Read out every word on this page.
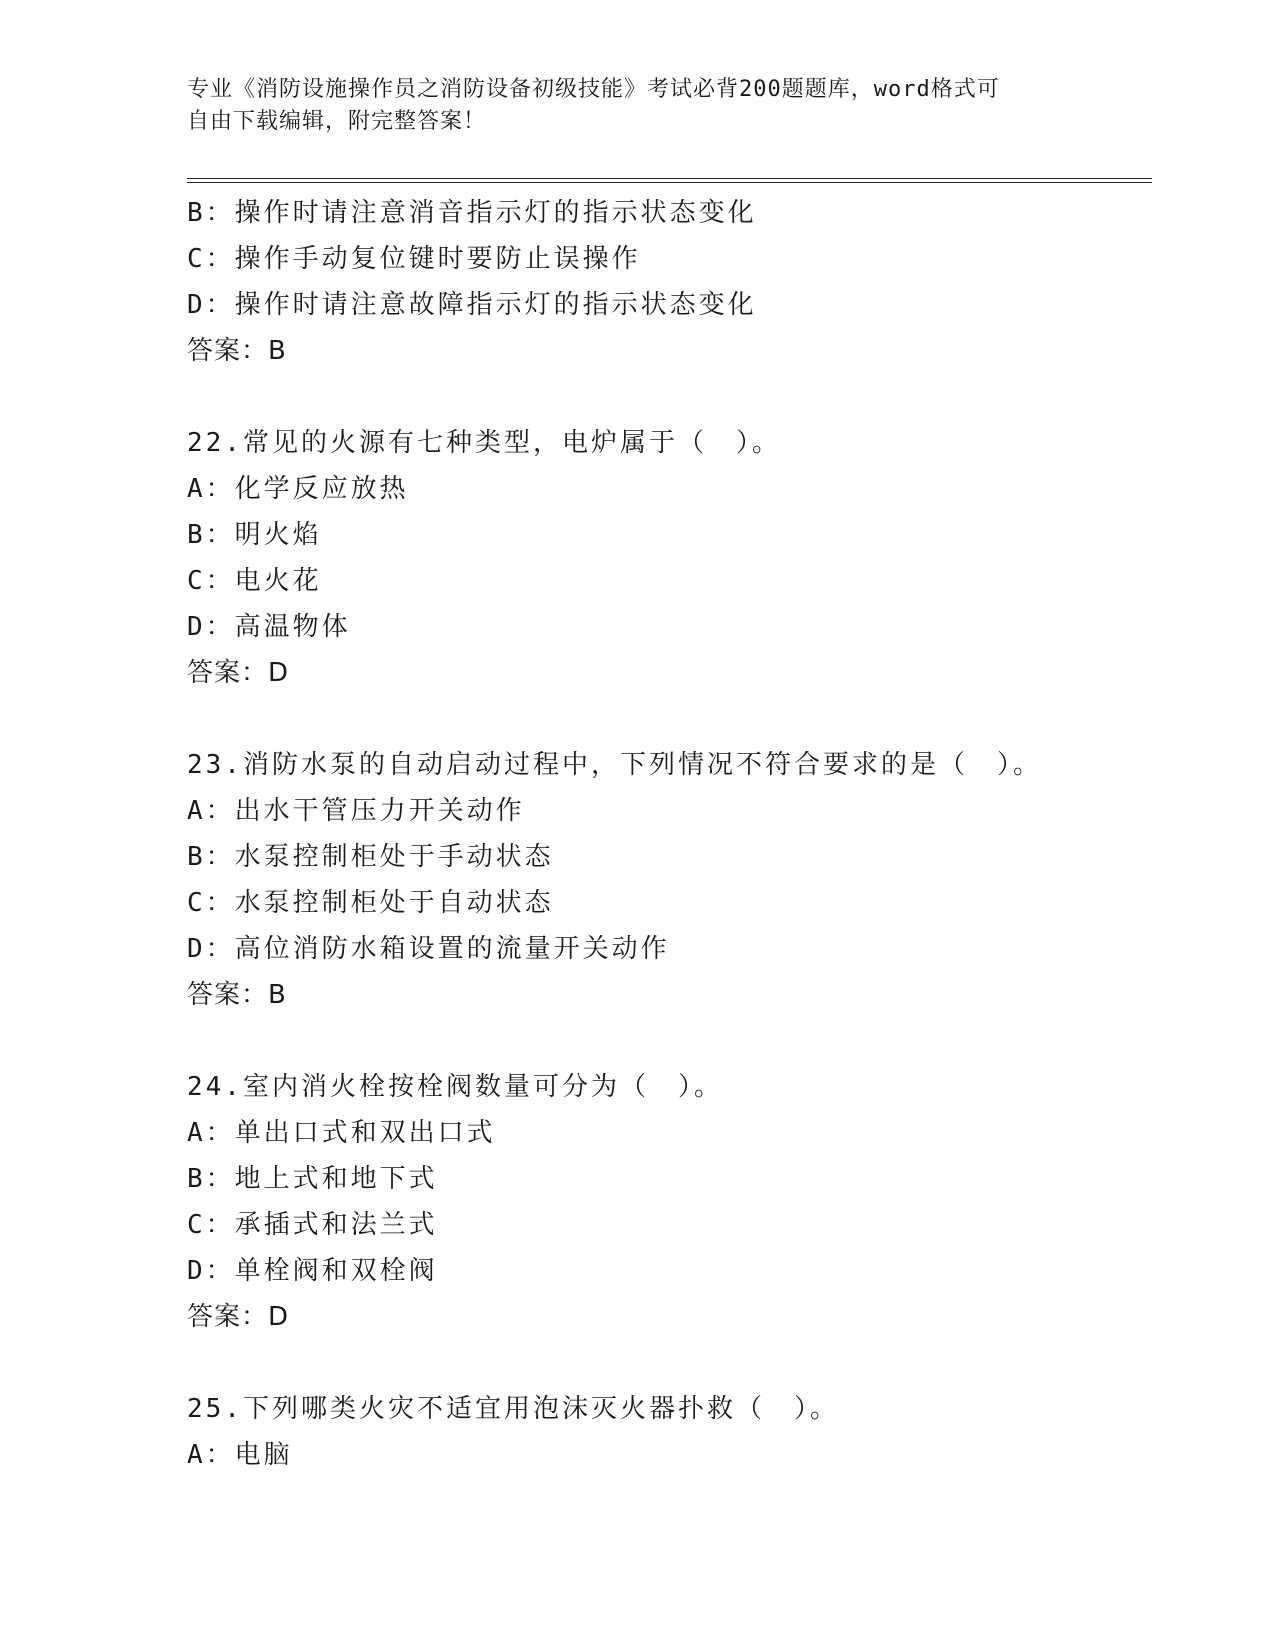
专业《消防设施操作员之消防设备初级技能》考试必背200题题库，word格式可
自由下载编辑，附完整答案！
B：操作时请注意消音指示灯的指示状态变化
C：操作手动复位键时要防止误操作
D：操作时请注意故障指示灯的指示状态变化
答案：B
22.常见的火源有七种类型，电炉属于（　）。
A：化学反应放热
B：明火焰
C：电火花
D：高温物体
答案：D
23.消防水泵的自动启动过程中，下列情况不符合要求的是（　）。
A：出水干管压力开关动作
B：水泵控制柜处于手动状态
C：水泵控制柜处于自动状态
D：高位消防水箱设置的流量开关动作
答案：B
24.室内消火栓按栓阀数量可分为（　）。
A：单出口式和双出口式
B：地上式和地下式
C：承插式和法兰式
D：单栓阀和双栓阀
答案：D
25.下列哪类火灾不适宜用泡沫灭火器扑救（　）。
A：电脑
